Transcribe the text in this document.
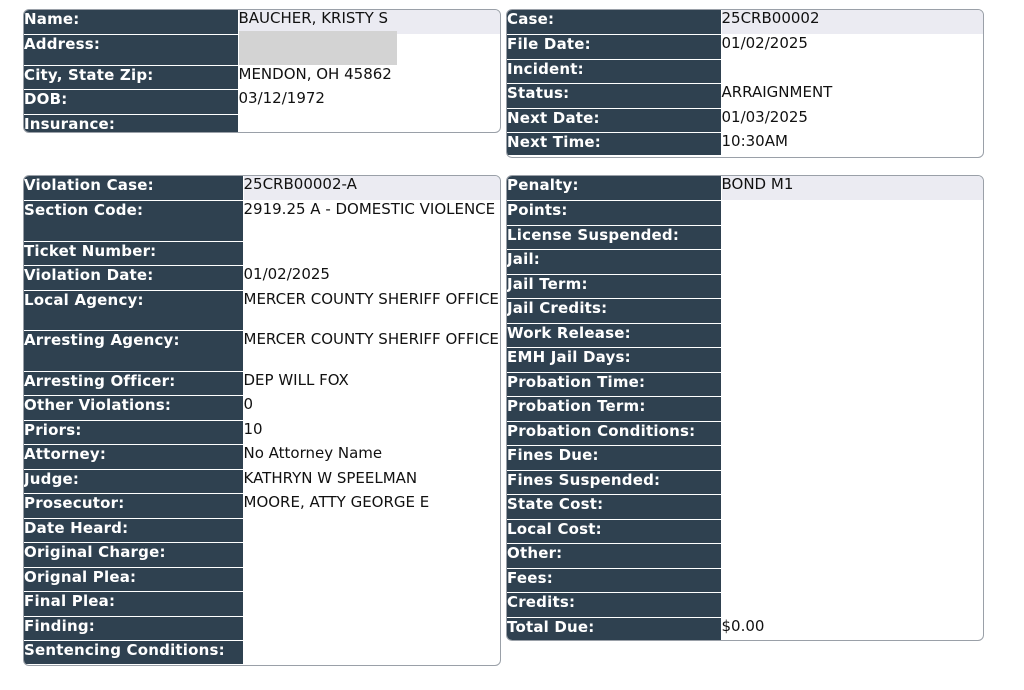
Name:	BAUCHER, KRISTY S
Address:	
City, State Zip:	MENDON, OH 45862
DOB:	03/12/1972
Insurance:	
Case:	25CRB00002
File Date:	01/02/2025
Incident:	
Status:	ARRAIGNMENT
Next Date:	01/03/2025
Next Time:	10:30AM
Violation Case:	25CRB00002-A
Section Code:	2919.25 A - DOMESTIC VIOLENCE
Ticket Number:	
Violation Date:	01/02/2025
Local Agency:	MERCER COUNTY SHERIFF OFFICE
Arresting Agency:	MERCER COUNTY SHERIFF OFFICE
Arresting Officer:	DEP WILL FOX
Other Violations:	0
Priors:	10
Attorney:	No Attorney Name
Judge:	KATHRYN W SPEELMAN
Prosecutor:	MOORE, ATTY GEORGE E
Date Heard:	
Original Charge:	
Orignal Plea:	
Final Plea:	
Finding:	
Sentencing Conditions:	
Penalty:	BOND M1
Points:	
License Suspended:	
Jail:	
Jail Term:	
Jail Credits:	
Work Release:	
EMH Jail Days:	
Probation Time:	
Probation Term:	
Probation Conditions:	
Fines Due:	
Fines Suspended:	
State Cost:	
Local Cost:	
Other:	
Fees:	
Credits:	
Total Due:	$0.00
